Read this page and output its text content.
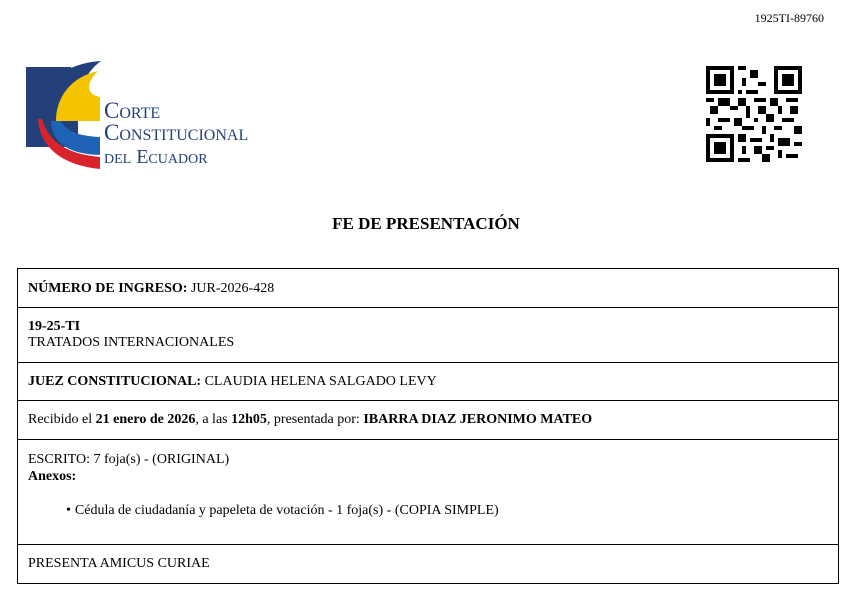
1925TI-89760
Corte
Constitucional
del Ecuador
FE DE PRESENTACIÓN
NÚMERO DE INGRESO: JUR-2026-428
19-25-TI
TRATADOS INTERNACIONALES
JUEZ CONSTITUCIONAL: CLAUDIA HELENA SALGADO LEVY
Recibido el 21 enero de 2026, a las 12h05, presentada por: IBARRA DIAZ JERONIMO MATEO
ESCRITO: 7 foja(s) - (ORIGINAL)
Anexos:
• Cédula de ciudadanía y papeleta de votación - 1 foja(s) - (COPIA SIMPLE)
PRESENTA AMICUS CURIAE
